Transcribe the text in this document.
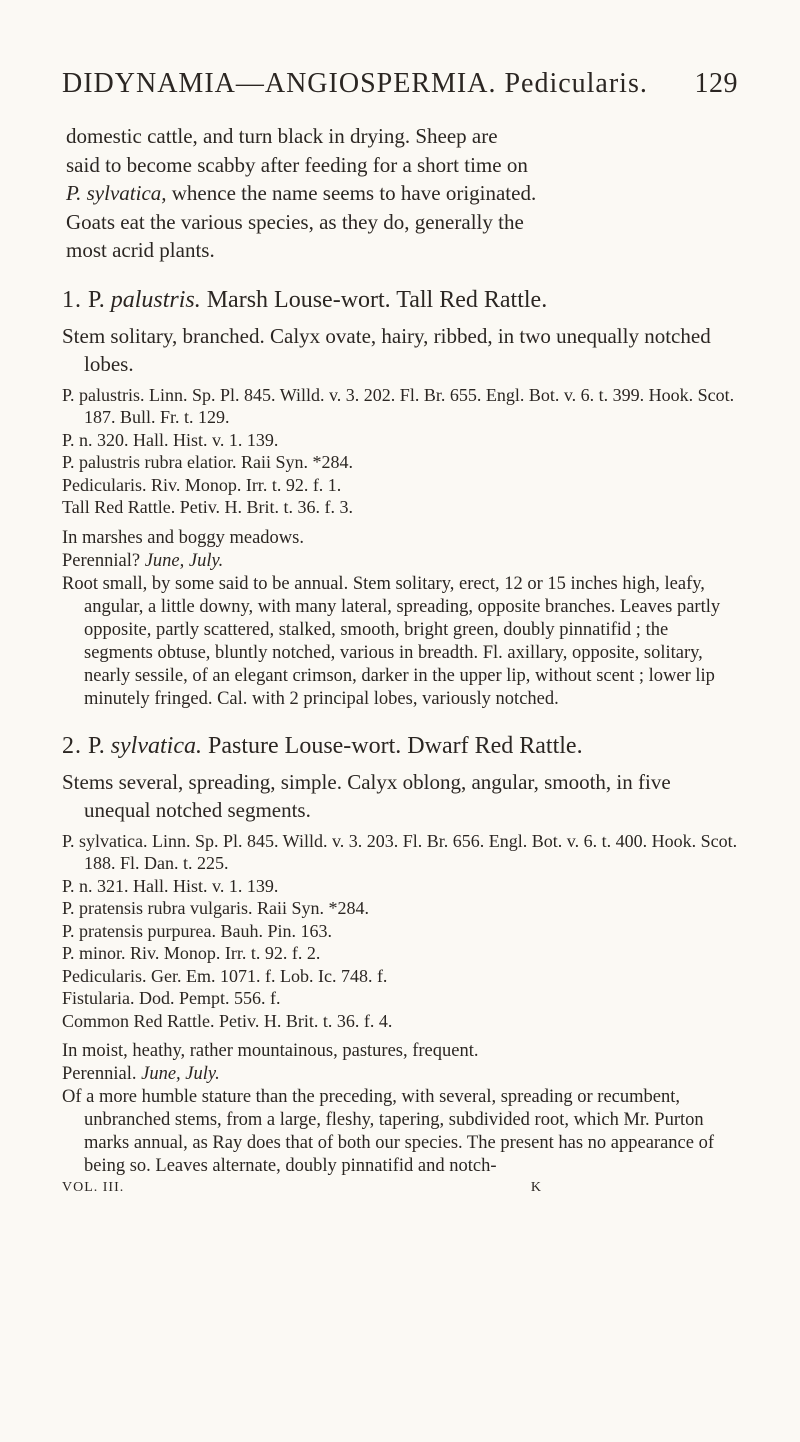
DIDYNAMIA—ANGIOSPERMIA. Pedicularis. 129

domestic cattle, and turn black in drying. Sheep are

said to become scabby after feeding for a short time on

P. sylvatica, whence the name seems to have originated.

Goats eat the various species, as they do, generally the

most acrid plants.

1. P. palustris. Marsh Louse-wort. Tall Red Rattle.

Stem solitary, branched. Calyx ovate, hairy, ribbed, in two unequally notched lobes.

P. palustris. Linn. Sp. Pl. 845. Willd. v. 3. 202. Fl. Br. 655. Engl. Bot. v. 6. t. 399. Hook. Scot. 187. Bull. Fr. t. 129.

P. n. 320. Hall. Hist. v. 1. 139.

P. palustris rubra elatior. Raii Syn. *284.

Pedicularis. Riv. Monop. Irr. t. 92. f. 1.

Tall Red Rattle. Petiv. H. Brit. t. 36. f. 3.

In marshes and boggy meadows.

Perennial? June, July.

Root small, by some said to be annual. Stem solitary, erect, 12 or 15 inches high, leafy, angular, a little downy, with many lateral, spreading, opposite branches. Leaves partly opposite, partly scattered, stalked, smooth, bright green, doubly pinnatifid ; the segments obtuse, bluntly notched, various in breadth. Fl. axillary, opposite, solitary, nearly sessile, of an elegant crimson, darker in the upper lip, without scent ; lower lip minutely fringed. Cal. with 2 principal lobes, variously notched.

2. P. sylvatica. Pasture Louse-wort. Dwarf Red Rattle.

Stems several, spreading, simple. Calyx oblong, angular, smooth, in five unequal notched segments.

P. sylvatica. Linn. Sp. Pl. 845. Willd. v. 3. 203. Fl. Br. 656. Engl. Bot. v. 6. t. 400. Hook. Scot. 188. Fl. Dan. t. 225.

P. n. 321. Hall. Hist. v. 1. 139.

P. pratensis rubra vulgaris. Raii Syn. *284.

P. pratensis purpurea. Bauh. Pin. 163.

P. minor. Riv. Monop. Irr. t. 92. f. 2.

Pedicularis. Ger. Em. 1071. f. Lob. Ic. 748. f.

Fistularia. Dod. Pempt. 556. f.

Common Red Rattle. Petiv. H. Brit. t. 36. f. 4.

In moist, heathy, rather mountainous, pastures, frequent.

Perennial. June, July.

Of a more humble stature than the preceding, with several, spreading or recumbent, unbranched stems, from a large, fleshy, tapering, subdivided root, which Mr. Purton marks annual, as Ray does that of both our species. The present has no appearance of being so. Leaves alternate, doubly pinnatifid and notch-

VOL. III.	K
